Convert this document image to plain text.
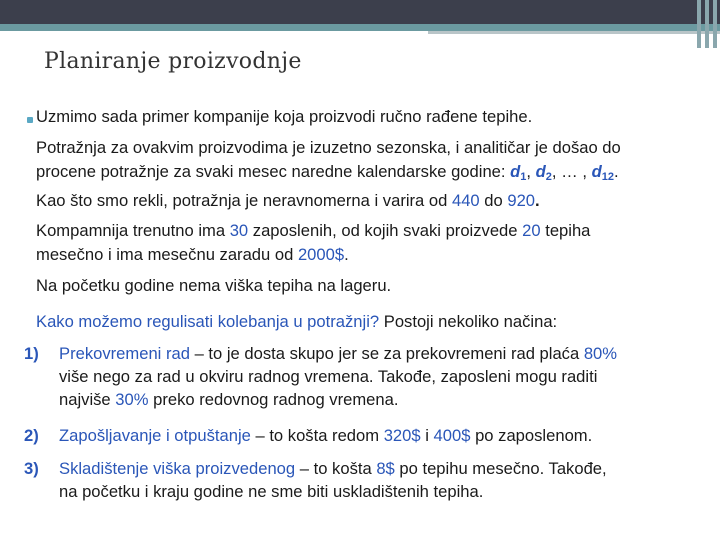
Planiranje proizvodnje
Uzmimo sada primer kompanije koja proizvodi ručno rađene tepihe.
Potražnja za ovakvim proizvodima je izuzetno sezonska, i analitičar je došao do
procene potražnje za svaki mesec naredne kalendarske godine: $d_1$, $d_2$, … , $d_{12}$.
Kao što smo rekli, potražnja je neravnomerna i varira od 440 do 920.
Kompamnija trenutno ima 30 zaposlenih, od kojih svaki proizvede 20 tepiha
mesečno i ima mesečnu zaradu od 2000$.
Na početku godine nema viška tepiha na lageru.
Kako možemo regulisati kolebanja u potražnji? Postoji nekoliko načina:
1) Prekovremeni rad – to je dosta skupo jer se za prekovremeni rad plaća 80%
više nego za rad u okviru radnog vremena. Takođe, zaposleni mogu raditi
najviše 30% preko redovnog radnog vremena.
2) Zapošljavanje i otpuštanje – to košta redom 320$ i 400$ po zaposlenom.
3) Skladištenje viška proizvedenog – to košta 8$ po tepihu mesečno. Takođe,
na početku i kraju godine ne sme biti uskladištenih tepiha.
